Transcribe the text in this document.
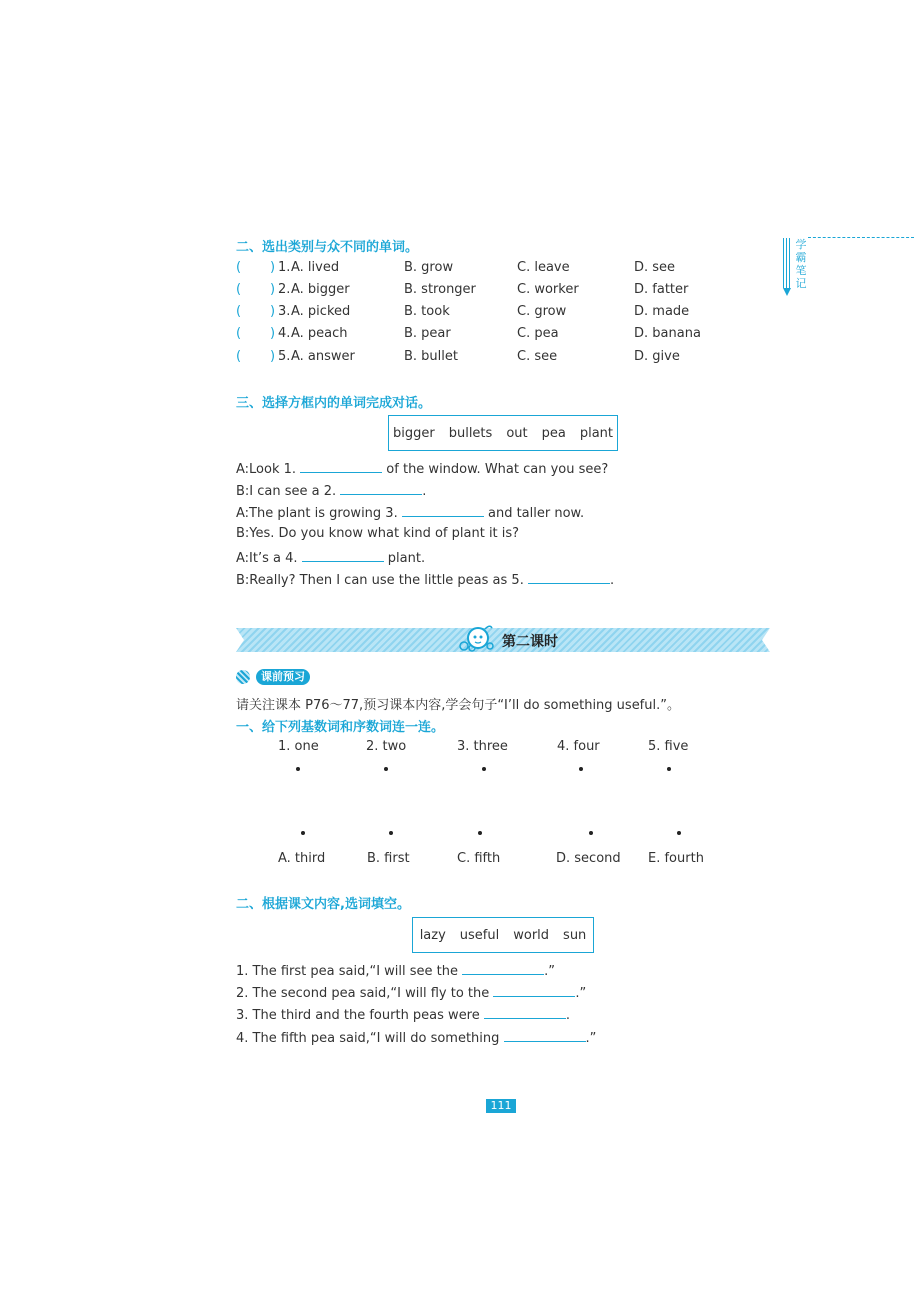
学
霸
笔
记
二、选出类别与众不同的单词。
( ) 1. A. lived	B. grow	C. leave	D. see
( ) 2. A. bigger	B. stronger	C. worker	D. fatter
( ) 3. A. picked	B. took	C. grow	D. made
( ) 4. A. peach	B. pear	C. pea	D. banana
( ) 5. A. answer	B. bullet	C. see	D. give
三、选择方框内的单词完成对话。
bigger bullets out pea plant
A:Look 1.	of the window. What can you see?
B:I can see a 2.	.
A:The plant is growing 3.	and taller now.
B:Yes. Do you know what kind of plant it is?
A:It’s a 4.	plant.
B:Really? Then I can use the little peas as 5.	.
第二课时
课前预习
请关注课本 P76～77,预习课本内容,学会句子“I’ll do something useful.”。
一、给下列基数词和序数词连一连。
1. one	2. two	3. three	4. four	5. five
A. third	B. first	C. fifth	D. second E. fourth
二、根据课文内容,选词填空。
lazy useful world sun
1. The first pea said,“I will see the	.”
2. The second pea said,“I will fly to the	.”
3. The third and the fourth peas were	.
4. The fifth pea said,“I will do something	.”
111
